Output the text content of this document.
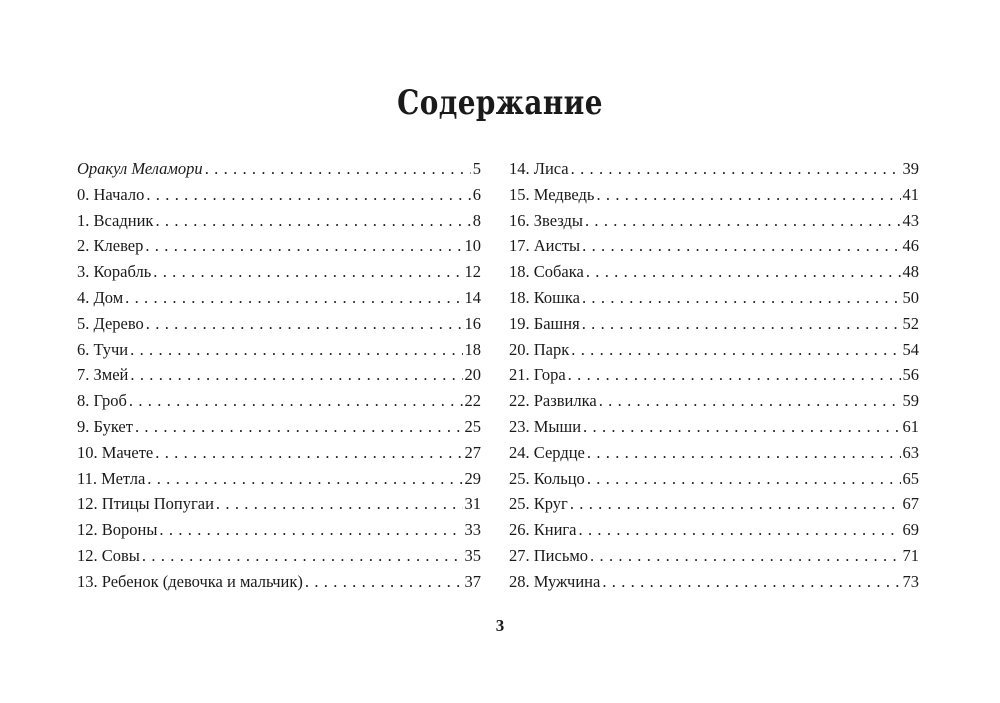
Содержание
Оракул Меламори . . .	5
0. Начало . . .	6
1. Всадник . . .	8
2. Клевер . . .	10
3. Корабль . . .	12
4. Дом . . .	14
5. Дерево . . .	16
6. Тучи . . .	18
7. Змей . . .	20
8. Гроб . . .	22
9. Букет . . .	25
10. Мачете . . .	27
11. Метла . . .	29
12. Птицы Попугаи . . .	31
12. Вороны . . .	33
12. Совы . . .	35
13. Ребенок (девочка и мальчик) . . .	37
14. Лиса . . .	39
15. Медведь . . .	41
16. Звезды . . .	43
17. Аисты . . .	46
18. Собака . . .	48
18. Кошка . . .	50
19. Башня . . .	52
20. Парк . . .	54
21. Гора . . .	56
22. Развилка . . .	59
23. Мыши . . .	61
24. Сердце . . .	63
25. Кольцо . . .	65
25. Круг . . .	67
26. Книга . . .	69
27. Письмо . . .	71
28. Мужчина . . .	73
3
